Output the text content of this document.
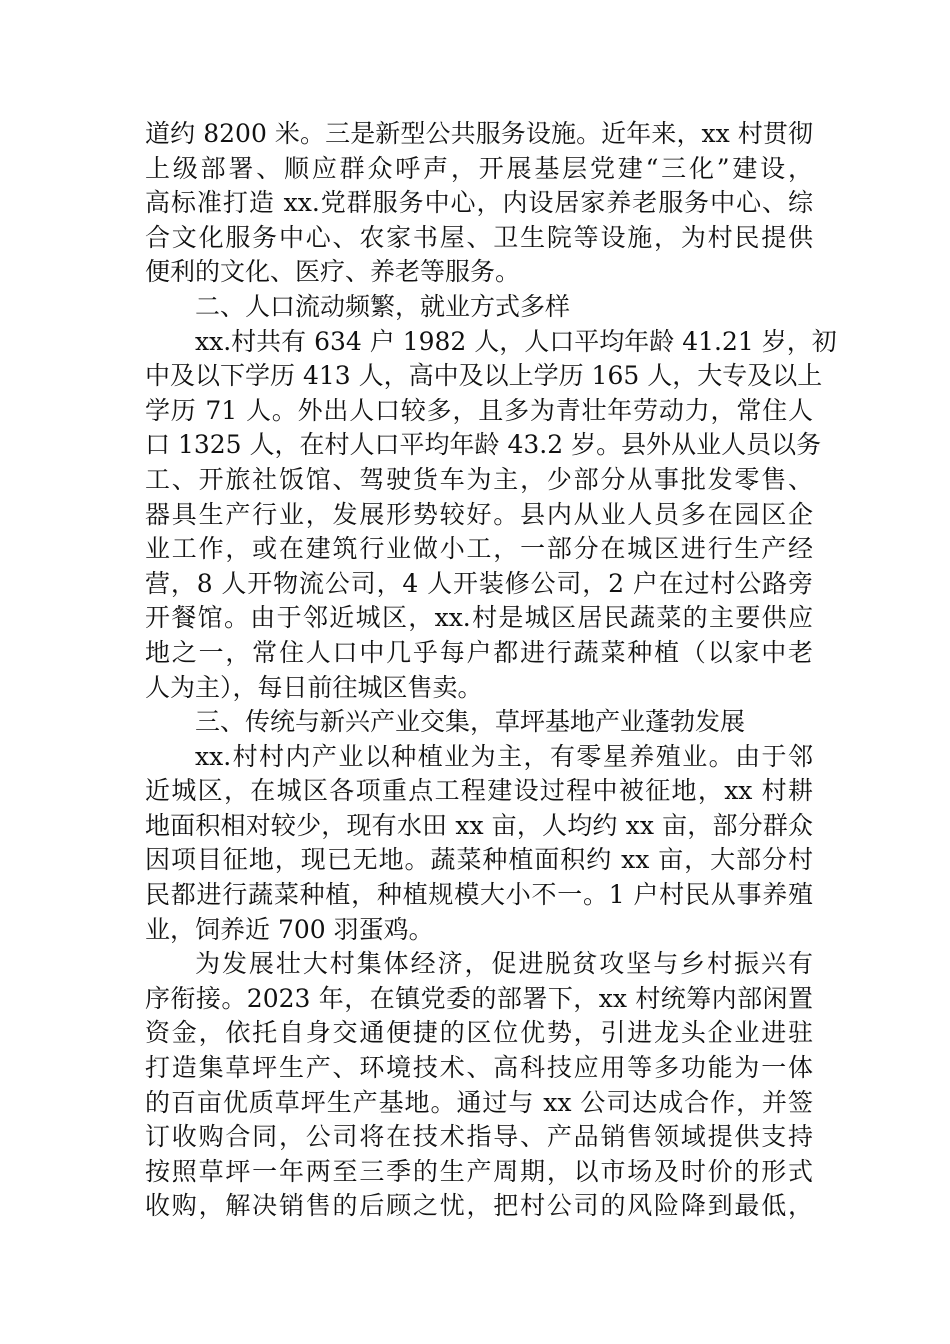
道约 8200 米。三是新型公共服务设施。近年来，xx 村贯彻
上级部署、顺应群众呼声，开展基层党建“三化”建设，
高标准打造 xx.党群服务中心，内设居家养老服务中心、综
合文化服务中心、农家书屋、卫生院等设施，为村民提供
便利的文化、医疗、养老等服务。
二、人口流动频繁，就业方式多样
xx.村共有 634 户 1982 人，人口平均年龄 41.21 岁，初
中及以下学历 413 人，高中及以上学历 165 人，大专及以上
学历 71 人。外出人口较多，且多为青壮年劳动力，常住人
口 1325 人，在村人口平均年龄 43.2 岁。县外从业人员以务
工、开旅社饭馆、驾驶货车为主，少部分从事批发零售、
器具生产行业，发展形势较好。县内从业人员多在园区企
业工作，或在建筑行业做小工，一部分在城区进行生产经
营，8 人开物流公司，4 人开装修公司，2 户在过村公路旁
开餐馆。由于邻近城区，xx.村是城区居民蔬菜的主要供应
地之一，常住人口中几乎每户都进行蔬菜种植（以家中老
人为主），每日前往城区售卖。
三、传统与新兴产业交集，草坪基地产业蓬勃发展
xx.村村内产业以种植业为主，有零星养殖业。由于邻
近城区，在城区各项重点工程建设过程中被征地，xx 村耕
地面积相对较少，现有水田 xx 亩，人均约 xx 亩，部分群众
因项目征地，现已无地。蔬菜种植面积约 xx 亩，大部分村
民都进行蔬菜种植，种植规模大小不一。1 户村民从事养殖
业，饲养近 700 羽蛋鸡。
为发展壮大村集体经济，促进脱贫攻坚与乡村振兴有
序衔接。2023 年，在镇党委的部署下，xx 村统筹内部闲置
资金，依托自身交通便捷的区位优势，引进龙头企业进驻
打造集草坪生产、环境技术、高科技应用等多功能为一体
的百亩优质草坪生产基地。通过与 xx 公司达成合作，并签
订收购合同，公司将在技术指导、产品销售领域提供支持
按照草坪一年两至三季的生产周期，以市场及时价的形式
收购，解决销售的后顾之忧，把村公司的风险降到最低，
